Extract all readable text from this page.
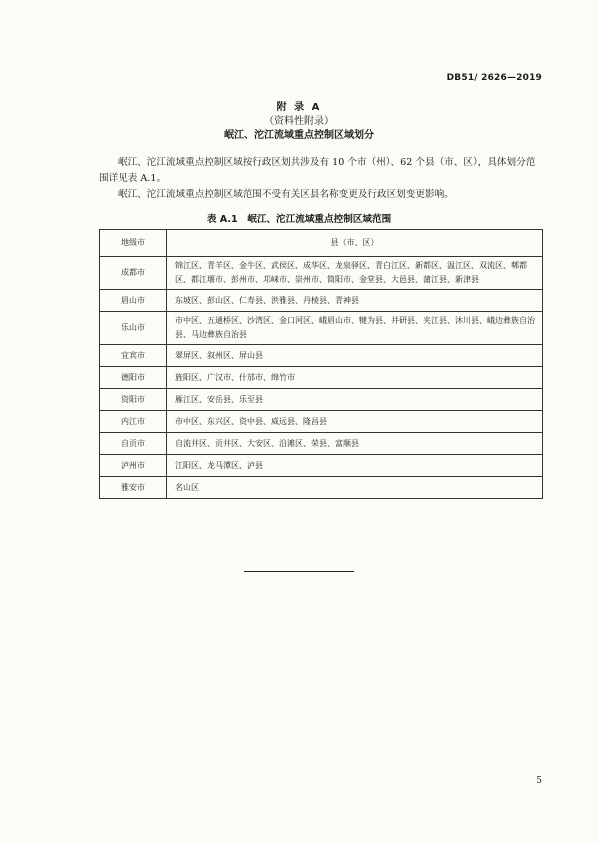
DB51/ 2626—2019
附 录 A
（资料性附录）
岷江、沱江流域重点控制区域划分
岷江、沱江流域重点控制区域按行政区划共涉及有 10 个市（州）、62 个县（市、区），具体划分范围详见表 A.1。
岷江、沱江流域重点控制区域范围不受有关区县名称变更及行政区划变更影响。
表 A.1　岷江、沱江流域重点控制区域范围
地级市	县（市、区）
成都市	锦江区、青羊区、金牛区、武侯区、成华区、龙泉驿区、青白江区、新都区、温江区、双流区、郫都区、都江堰市、彭州市、邛崃市、崇州市、简阳市、金堂县、大邑县、蒲江县、新津县
眉山市	东坡区、彭山区、仁寿县、洪雅县、丹棱县、青神县
乐山市	市中区、五通桥区、沙湾区、金口河区、峨眉山市、犍为县、井研县、夹江县、沐川县、峨边彝族自治县、马边彝族自治县
宜宾市	翠屏区、叙州区、屏山县
德阳市	旌阳区、广汉市、什邡市、绵竹市
资阳市	雁江区、安岳县、乐至县
内江市	市中区、东兴区、资中县、威远县、隆昌县
自贡市	自流井区、贡井区、大安区、沿滩区、荣县、富顺县
泸州市	江阳区、龙马潭区、泸县
雅安市	名山区
5
